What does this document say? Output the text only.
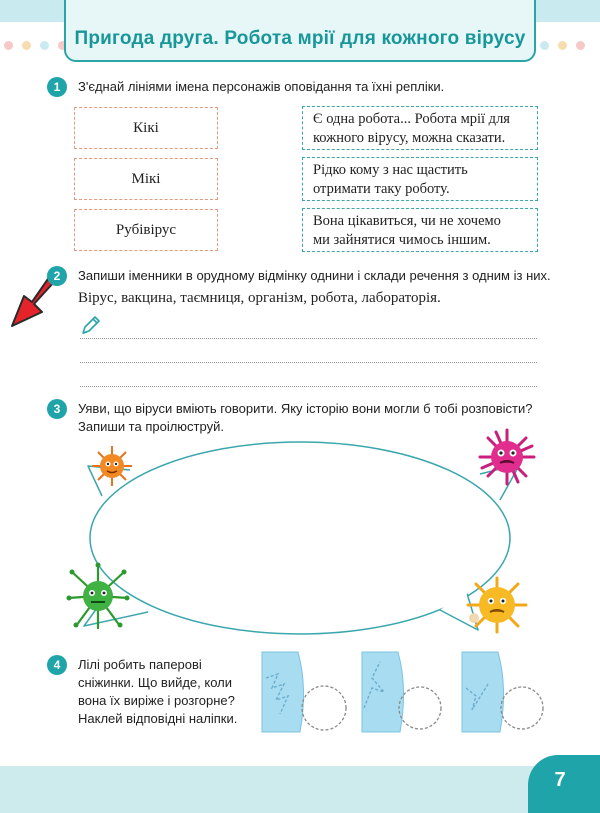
Пригода друга. Робота мрії для кожного вірусу
1	З'єднай лініями імена персонажів оповідання та їхні репліки.
Кікі
Мікі
Рубівірус
Є одна робота... Робота мрії для
кожного вірусу, можна сказати.
Рідко кому з нас щастить
отримати таку роботу.
Вона цікавиться, чи не хочемо
ми зайнятися чимось іншим.
2	Запиши іменники в орудному відмінку однини і склади речення з одним із них.
Вірус, вакцина, таємниця, організм, робота, лабораторія.
3	Уяви, що віруси вміють говорити. Яку історію вони могли б тобі розповісти?
Запиши та проілюструй.
4	Лілі робить паперові
сніжинки. Що вийде, коли
вона їх виріже і розгорне?
Наклей відповідні наліпки.
7
